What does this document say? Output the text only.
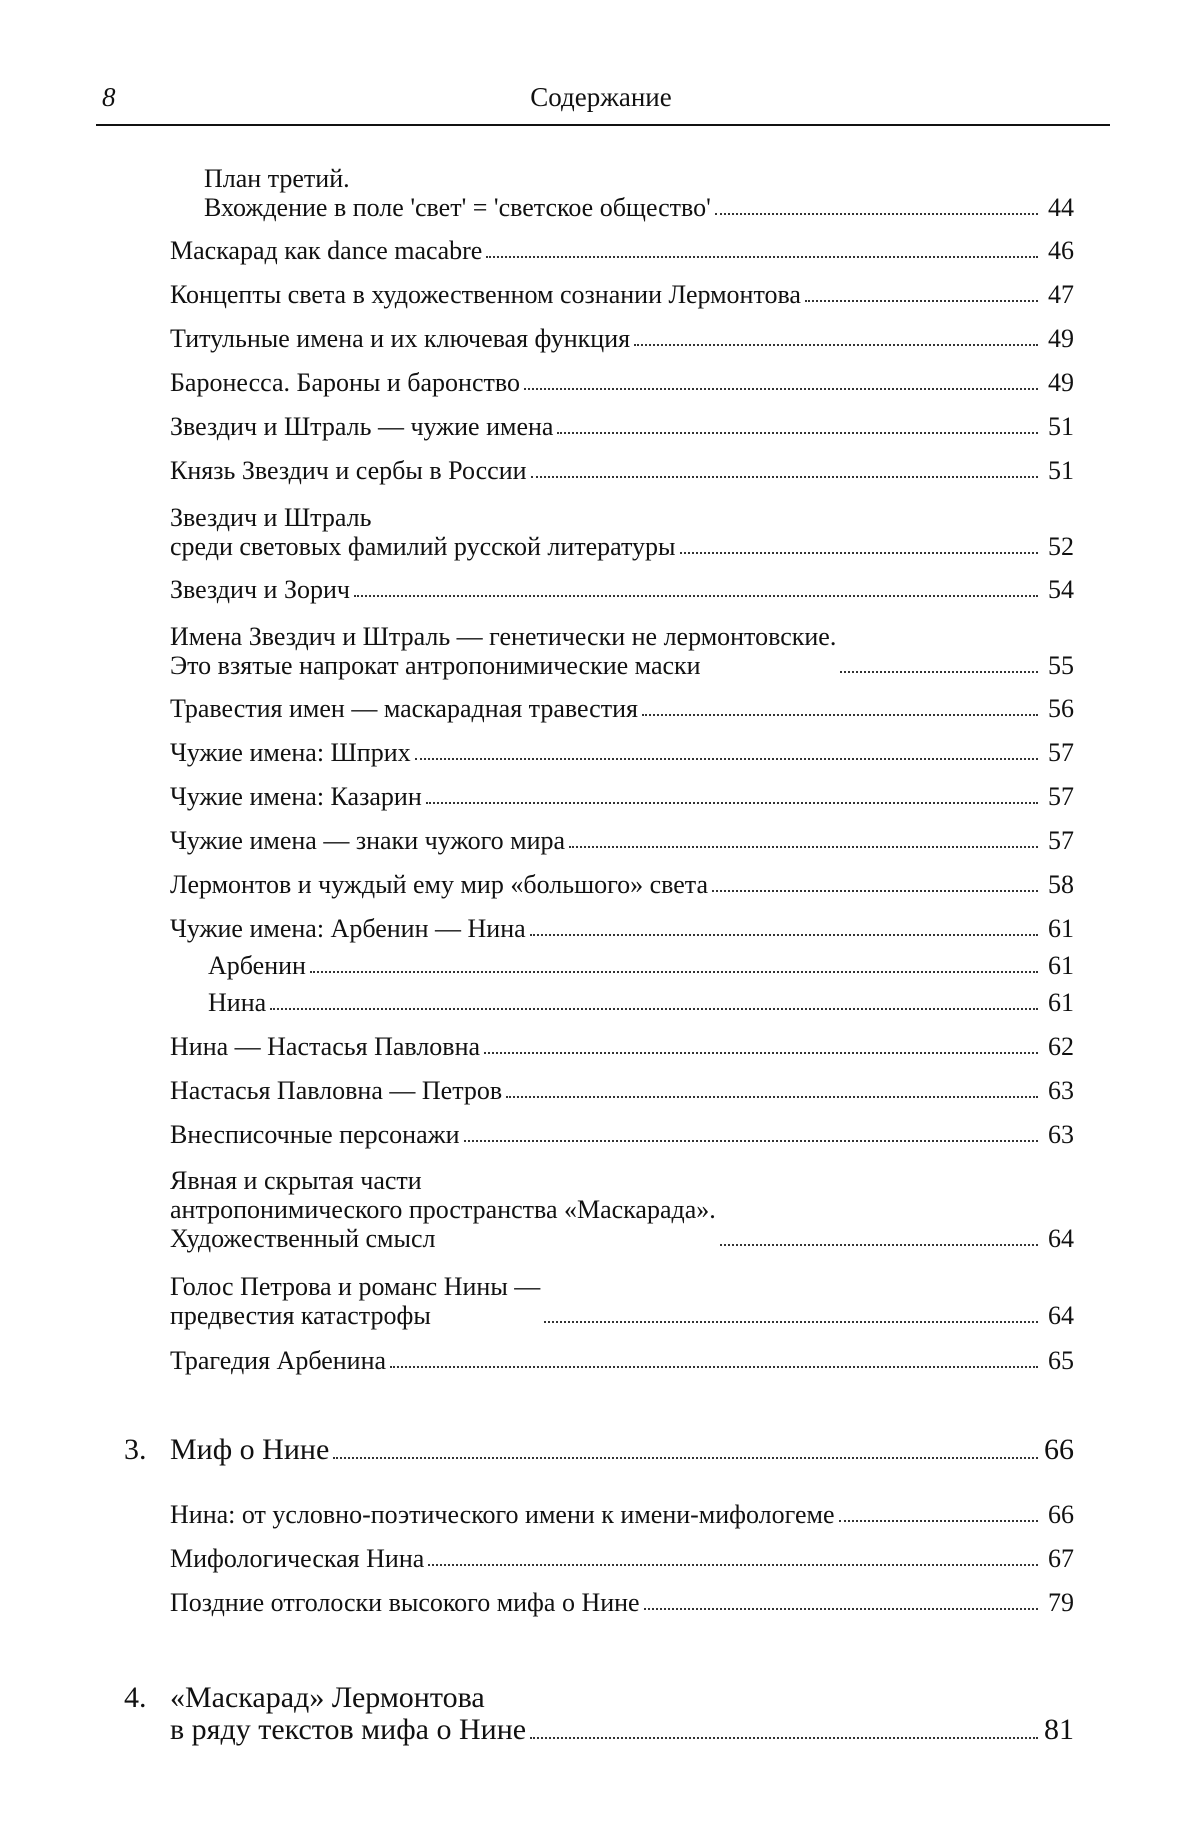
8	Содержание
План третий.
Вхождение в поле 'свет' = 'светское общество'	44
Маскарад как dance macabre	46
Концепты света в художественном сознании Лермонтова	47
Титульные имена и их ключевая функция	49
Баронесса. Бароны и баронство	49
Звездич и Штраль — чужие имена	51
Князь Звездич и сербы в России	51
Звездич и Штраль
среди световых фамилий русской литературы	52
Звездич и Зорич	54
Имена Звездич и Штраль — генетически не лермонтовские.
Это взятые напрокат антропонимические маски	55
Травестия имен — маскарадная травестия	56
Чужие имена: Шприх	57
Чужие имена: Казарин	57
Чужие имена — знаки чужого мира	57
Лермонтов и чуждый ему мир «большого» света	58
Чужие имена: Арбенин — Нина	61
Арбенин	61
Нина	61
Нина — Настасья Павловна	62
Настасья Павловна — Петров	63
Внесписочные персонажи	63
Явная и скрытая части
антропонимического пространства «Маскарада».
Художественный смысл	64
Голос Петрова и романс Нины —
предвестия катастрофы	64
Трагедия Арбенина	65
3. Миф о Нине	66
Нина: от условно-поэтического имени к имени-мифологеме	66
Мифологическая Нина	67
Поздние отголоски высокого мифа о Нине	79
4. «Маскарад» Лермонтова
в ряду текстов мифа о Нине	81
